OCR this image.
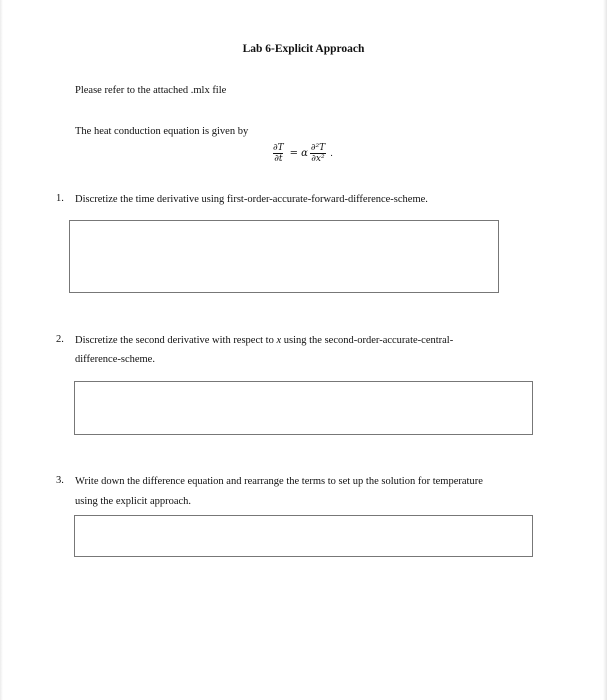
Lab 6-Explicit Approach
Please refer to the attached .mlx file
The heat conduction equation is given by
$\frac{\partial T}{\partial t} = \alpha \frac{\text{∂²T}}{\text{∂x²}}$ .
1. Discretize the time derivative using first-order-accurate-forward-difference-scheme.
2. Discretize the second derivative with respect to x using the second-order-accurate-central-
difference-scheme.
3. Write down the difference equation and rearrange the terms to set up the solution for temperature
using the explicit approach.
